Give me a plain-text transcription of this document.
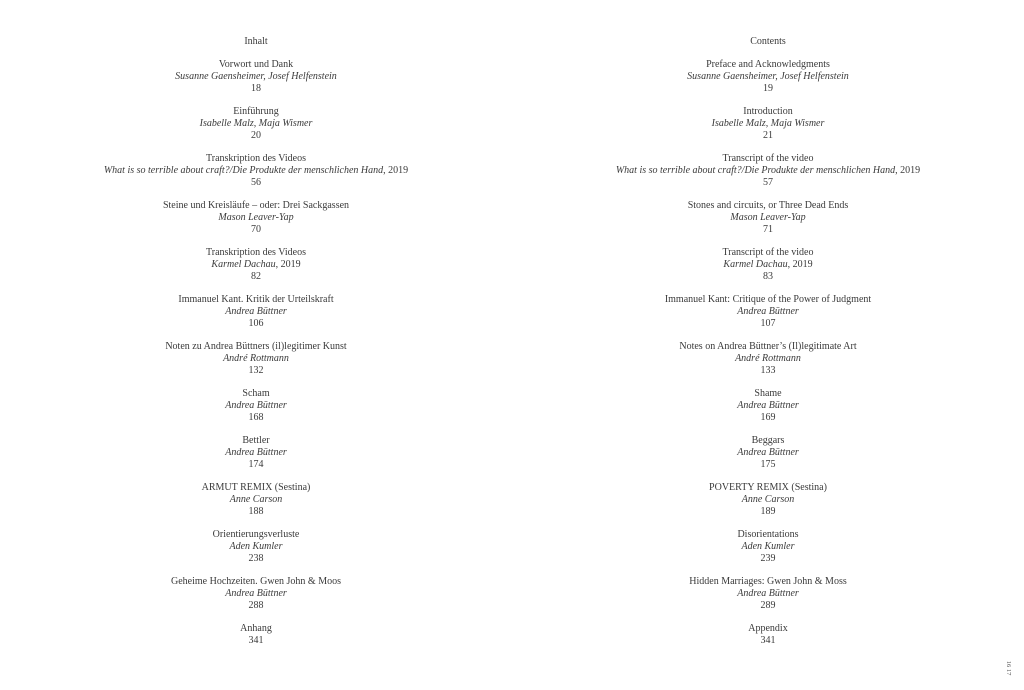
Inhalt
Vorwort und Dank
Susanne Gaensheimer, Josef Helfenstein
18
Einführung
Isabelle Malz, Maja Wismer
20
Transkription des Videos
What is so terrible about craft?/Die Produkte der menschlichen Hand, 2019
56
Steine und Kreisläufe – oder: Drei Sackgassen
Mason Leaver-Yap
70
Transkription des Videos
Karmel Dachau, 2019
82
Immanuel Kant. Kritik der Urteilskraft
Andrea Büttner
106
Noten zu Andrea Büttners (il)legitimer Kunst
André Rottmann
132
Scham
Andrea Büttner
168
Bettler
Andrea Büttner
174
ARMUT REMIX (Sestina)
Anne Carson
188
Orientierungsverluste
Aden Kumler
238
Geheime Hochzeiten. Gwen John & Moos
Andrea Büttner
288
Anhang
341
Contents
Preface and Acknowledgments
Susanne Gaensheimer, Josef Helfenstein
19
Introduction
Isabelle Malz, Maja Wismer
21
Transcript of the video
What is so terrible about craft?/Die Produkte der menschlichen Hand, 2019
57
Stones and circuits, or Three Dead Ends
Mason Leaver-Yap
71
Transcript of the video
Karmel Dachau, 2019
83
Immanuel Kant: Critique of the Power of Judgment
Andrea Büttner
107
Notes on Andrea Büttner’s (Il)legitimate Art
André Rottmann
133
Shame
Andrea Büttner
169
Beggars
Andrea Büttner
175
POVERTY REMIX (Sestina)
Anne Carson
189
Disorientations
Aden Kumler
239
Hidden Marriages: Gwen John & Moss
Andrea Büttner
289
Appendix
341
16 17
